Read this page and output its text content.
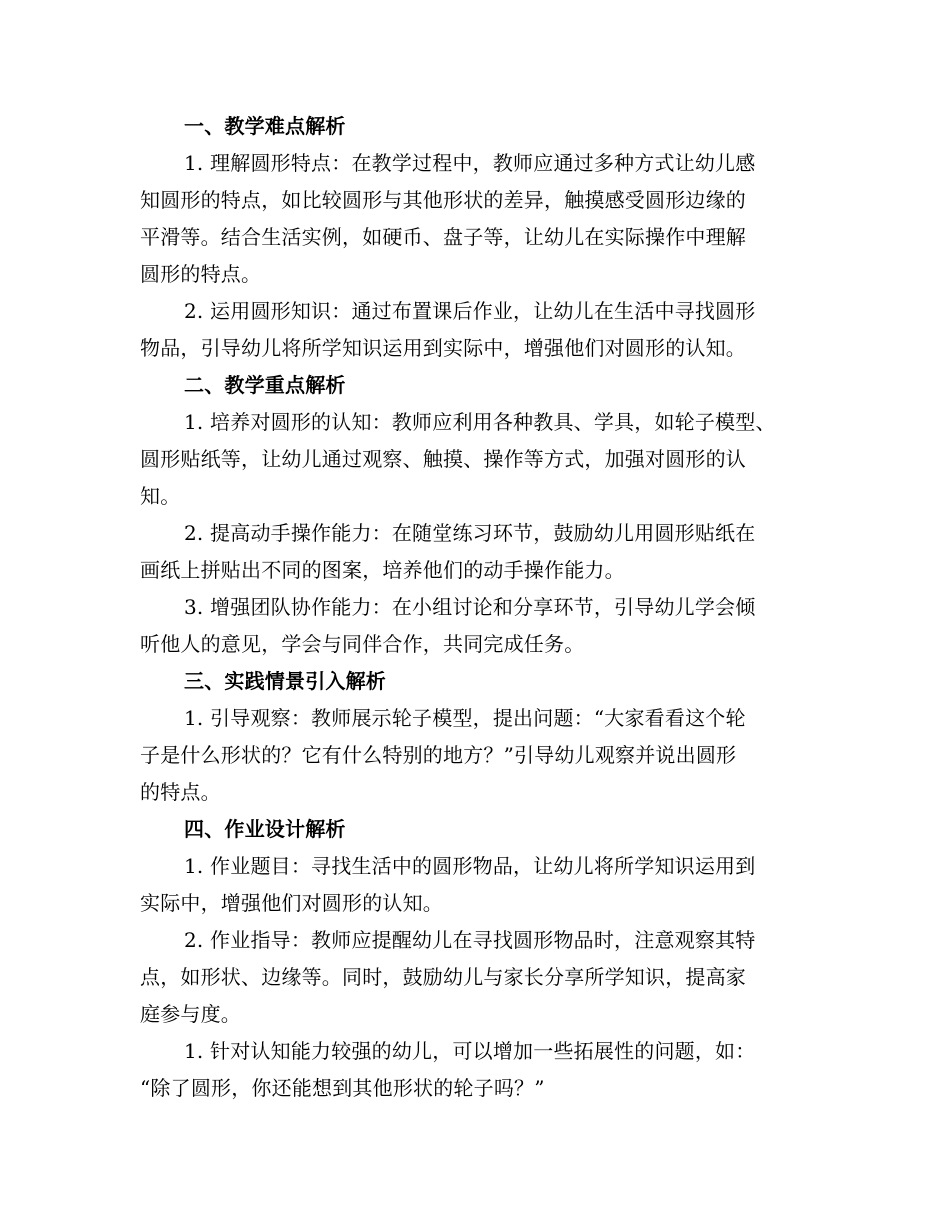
一、教学难点解析
1. 理解圆形特点：在教学过程中，教师应通过多种方式让幼儿感
知圆形的特点，如比较圆形与其他形状的差异，触摸感受圆形边缘的
平滑等。结合生活实例，如硬币、盘子等，让幼儿在实际操作中理解
圆形的特点。
2. 运用圆形知识：通过布置课后作业，让幼儿在生活中寻找圆形
物品，引导幼儿将所学知识运用到实际中，增强他们对圆形的认知。
二、教学重点解析
1. 培养对圆形的认知：教师应利用各种教具、学具，如轮子模型、
圆形贴纸等，让幼儿通过观察、触摸、操作等方式，加强对圆形的认
知。
2. 提高动手操作能力：在随堂练习环节，鼓励幼儿用圆形贴纸在
画纸上拼贴出不同的图案，培养他们的动手操作能力。
3. 增强团队协作能力：在小组讨论和分享环节，引导幼儿学会倾
听他人的意见，学会与同伴合作，共同完成任务。
三、实践情景引入解析
1. 引导观察：教师展示轮子模型，提出问题：“大家看看这个轮
子是什么形状的？它有什么特别的地方？”引导幼儿观察并说出圆形
的特点。
四、作业设计解析
1. 作业题目：寻找生活中的圆形物品，让幼儿将所学知识运用到
实际中，增强他们对圆形的认知。
2. 作业指导：教师应提醒幼儿在寻找圆形物品时，注意观察其特
点，如形状、边缘等。同时，鼓励幼儿与家长分享所学知识，提高家
庭参与度。
1. 针对认知能力较强的幼儿，可以增加一些拓展性的问题，如：
“除了圆形，你还能想到其他形状的轮子吗？”
